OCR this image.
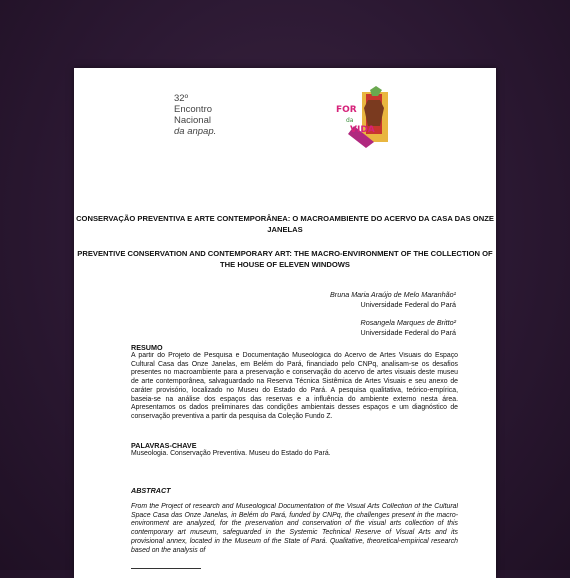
32º
Encontro
Nacional
da anpap.
FOR
da
VIDA
CONSERVAÇÃO PREVENTIVA E ARTE CONTEMPORÂNEA: O MACROAMBIENTE DO ACERVO DA CASA DAS ONZE JANELAS
PREVENTIVE CONSERVATION AND CONTEMPORARY ART: THE MACRO-ENVIRONMENT OF THE COLLECTION OF THE HOUSE OF ELEVEN WINDOWS
Bruna Maria Araújo de Melo Maranhão¹
Universidade Federal do Pará
Rosangela Marques de Britto²
Universidade Federal do Pará
RESUMO
A partir do Projeto de Pesquisa e Documentação Museológica do Acervo de Artes Visuais do Espaço Cultural Casa das Onze Janelas, em Belém do Pará, financiado pelo CNPq, analisam-se os desafios presentes no macroambiente para a preservação e conservação do acervo de artes visuais deste museu de arte contemporânea, salvaguardado na Reserva Técnica Sistêmica de Artes Visuais e seu anexo de caráter provisório, localizado no Museu do Estado do Pará. A pesquisa qualitativa, teórico-empírica, baseia-se na análise dos espaços das reservas e a influência do ambiente externo nesta área. Apresentamos os dados preliminares das condições ambientais desses espaços e um diagnóstico de conservação preventiva a partir da pesquisa da Coleção Fundo Z.
PALAVRAS-CHAVE
Museologia. Conservação Preventiva. Museu do Estado do Pará.
ABSTRACT
From the Project of research and Museological Documentation of the Visual Arts Collection of the Cultural Space Casa das Onze Janelas, in Belém do Pará, funded by CNPq, the challenges present in the macro-environment are analyzed, for the preservation and conservation of the visual arts collection of this contemporary art museum, safeguarded in the Systemic Technical Reserve of Visual Arts and its provisional annex, located in the Museum of the State of Pará. Qualitative, theoretical-empirical research based on the analysis of
